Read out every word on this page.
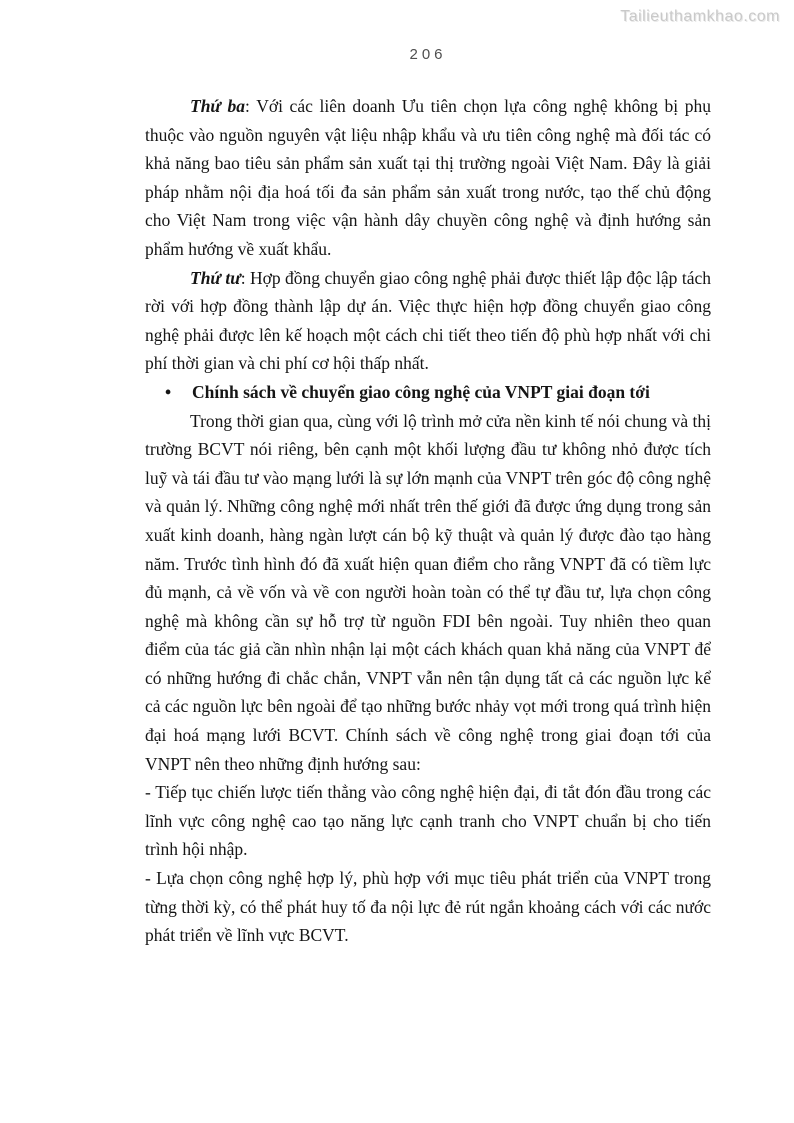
Tailieuthamkhao.com
206

Thứ ba: Với các liên doanh Ưu tiên chọn lựa công nghệ không bị phụ thuộc vào nguồn nguyên vật liệu nhập khẩu và ưu tiên công nghệ mà đối tác có khả năng bao tiêu sản phẩm sản xuất tại thị trường ngoài Việt Nam. Đây là giải pháp nhằm nội địa hoá tối đa sản phẩm sản xuất trong nước, tạo thế chủ động cho Việt Nam trong việc vận hành dây chuyền công nghệ và định hướng sản phẩm hướng về xuất khẩu.

Thứ tư: Hợp đồng chuyển giao công nghệ phải được thiết lập độc lập tách rời với hợp đồng thành lập dự án. Việc thực hiện hợp đồng chuyển giao công nghệ phải được lên kế hoạch một cách chi tiết theo tiến độ phù hợp nhất với chi phí thời gian và chi phí cơ hội thấp nhất.

• Chính sách về chuyển giao công nghệ của VNPT giai đoạn tới

Trong thời gian qua, cùng với lộ trình mở cửa nền kinh tế nói chung và thị trường BCVT nói riêng, bên cạnh một khối lượng đầu tư không nhỏ được tích luỹ và tái đầu tư vào mạng lưới là sự lớn mạnh của VNPT trên góc độ công nghệ và quản lý. Những công nghệ mới nhất trên thế giới đã được ứng dụng trong sản xuất kinh doanh, hàng ngàn lượt cán bộ kỹ thuật và quản lý được đào tạo hàng năm. Trước tình hình đó đã xuất hiện quan điểm cho rằng VNPT đã có tiềm lực đủ mạnh, cả về vốn và về con người hoàn toàn có thể tự đầu tư, lựa chọn công nghệ mà không cần sự hỗ trợ từ nguồn FDI bên ngoài. Tuy nhiên theo quan điểm của tác giả cần nhìn nhận lại một cách khách quan khả năng của VNPT để có những hướng đi chắc chắn, VNPT vẫn nên tận dụng tất cả các nguồn lực kể cả các nguồn lực bên ngoài để tạo những bước nhảy vọt mới trong quá trình hiện đại hoá mạng lưới BCVT. Chính sách về công nghệ trong giai đoạn tới của VNPT nên theo những định hướng sau:

- Tiếp tục chiến lược tiến thẳng vào công nghệ hiện đại, đi tắt đón đầu trong các lĩnh vực công nghệ cao tạo năng lực cạnh tranh cho VNPT chuẩn bị cho tiến trình hội nhập.

- Lựa chọn công nghệ hợp lý, phù hợp với mục tiêu phát triển của VNPT trong từng thời kỳ, có thể phát huy tố đa nội lực đẻ rút ngắn khoảng cách với các nước phát triển về lĩnh vực BCVT.
